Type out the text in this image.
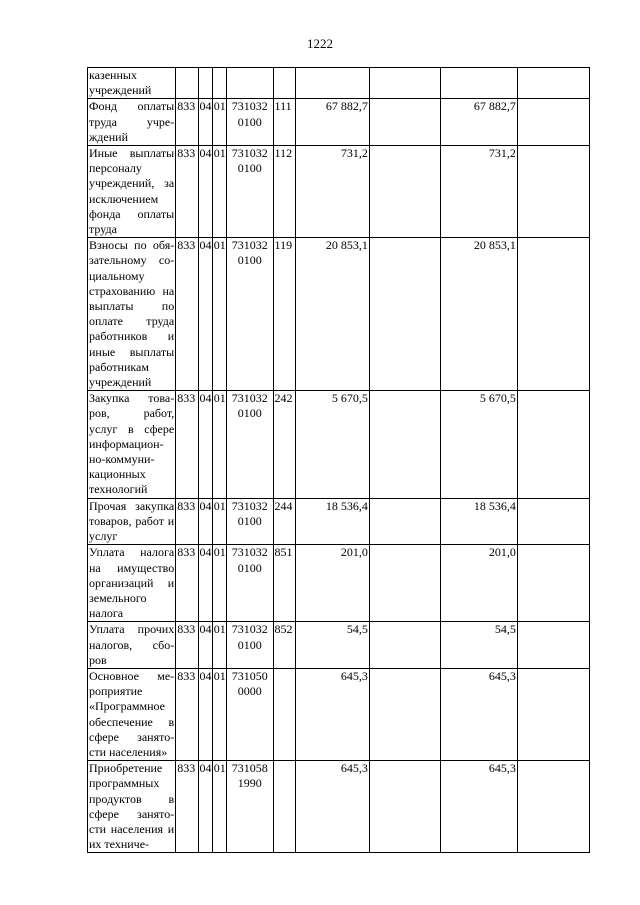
1222
казенных учреждений									
Фонд оплаты труда учре-ждений	833	04	01	731032 0100	111	67 882,7		67 882,7	
Иные выплаты персоналу учреждений, за исключением фонда оплаты труда	833	04	01	731032 0100	112	731,2		731,2	
Взносы по обя-зательному со-циальному страхованию на выплаты по оплате труда работников и иные выплаты работникам учреждений	833	04	01	731032 0100	119	20 853,1		20 853,1	
Закупка това-ров, работ, услуг в сфере информацион-но-коммуни-кационных технологий	833	04	01	731032 0100	242	5 670,5		5 670,5	
Прочая закупка товаров, работ и услуг	833	04	01	731032 0100	244	18 536,4		18 536,4	
Уплата налога на имущество организаций и земельного налога	833	04	01	731032 0100	851	201,0		201,0	
Уплата прочих налогов, сбо-ров	833	04	01	731032 0100	852	54,5		54,5	
Основное ме-роприятие «Программное обеспечение в сфере занято-сти населения»	833	04	01	731050 0000		645,3		645,3	
Приобретение программных продуктов в сфере занято-сти населения и их техниче-	833	04	01	731058 1990		645,3		645,3	
